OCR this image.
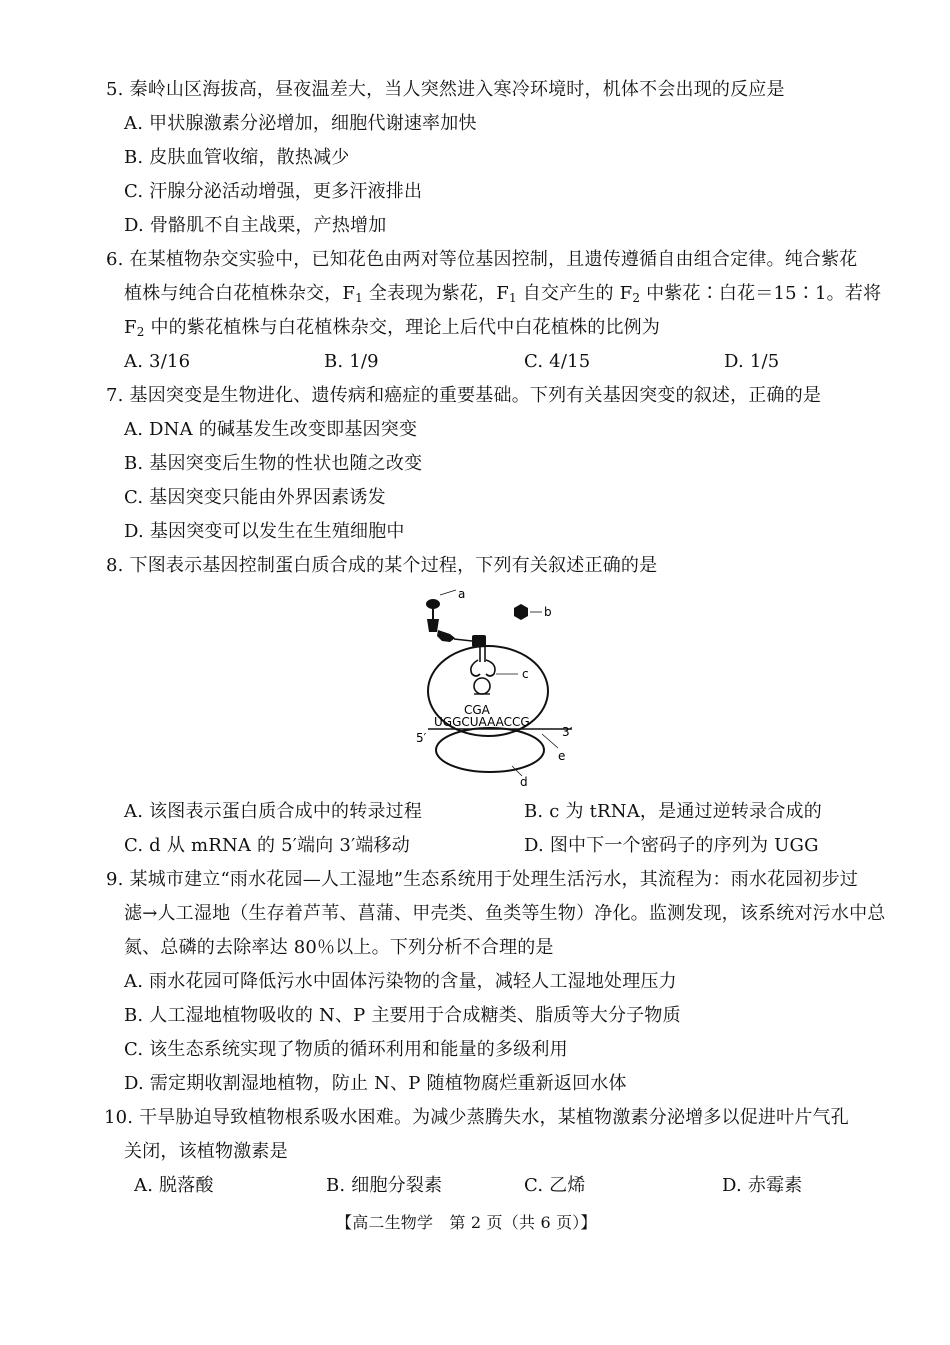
5. 秦岭山区海拔高，昼夜温差大，当人突然进入寒冷环境时，机体不会出现的反应是
A. 甲状腺激素分泌增加，细胞代谢速率加快
B. 皮肤血管收缩，散热减少
C. 汗腺分泌活动增强，更多汗液排出
D. 骨骼肌不自主战栗，产热增加
6. 在某植物杂交实验中，已知花色由两对等位基因控制，且遗传遵循自由组合定律。纯合紫花
植株与纯合白花植株杂交，$F_1$ 全表现为紫花，$F_1$ 自交产生的 $F_2$ 中紫花∶白花＝15∶1。若将
$F_2$ 中的紫花植株与白花植株杂交，理论上后代中白花植株的比例为
A. 3/16	B. 1/9	C. 4/15	D. 1/5
7. 基因突变是生物进化、遗传病和癌症的重要基础。下列有关基因突变的叙述，正确的是
A. DNA 的碱基发生改变即基因突变
B. 基因突变后生物的性状也随之改变
C. 基因突变只能由外界因素诱发
D. 基因突变可以发生在生殖细胞中
8. 下图表示基因控制蛋白质合成的某个过程，下列有关叙述正确的是
a
b
c
CGA
UGGCUAAACCG
5′	3′
e
d
A. 该图表示蛋白质合成中的转录过程	B. c 为 tRNA，是通过逆转录合成的
C. d 从 mRNA 的 5′端向 3′端移动	D. 图中下一个密码子的序列为 UGG
9. 某城市建立“雨水花园—人工湿地”生态系统用于处理生活污水，其流程为：雨水花园初步过
滤→人工湿地（生存着芦苇、菖蒲、甲壳类、鱼类等生物）净化。监测发现，该系统对污水中总
氮、总磷的去除率达 80％以上。下列分析不合理的是
A. 雨水花园可降低污水中固体污染物的含量，减轻人工湿地处理压力
B. 人工湿地植物吸收的 N、P 主要用于合成糖类、脂质等大分子物质
C. 该生态系统实现了物质的循环利用和能量的多级利用
D. 需定期收割湿地植物，防止 N、P 随植物腐烂重新返回水体
10. 干旱胁迫导致植物根系吸水困难。为减少蒸腾失水，某植物激素分泌增多以促进叶片气孔
关闭，该植物激素是
A. 脱落酸	B. 细胞分裂素	C. 乙烯	D. 赤霉素
【高二生物学　第 2 页（共 6 页）】
